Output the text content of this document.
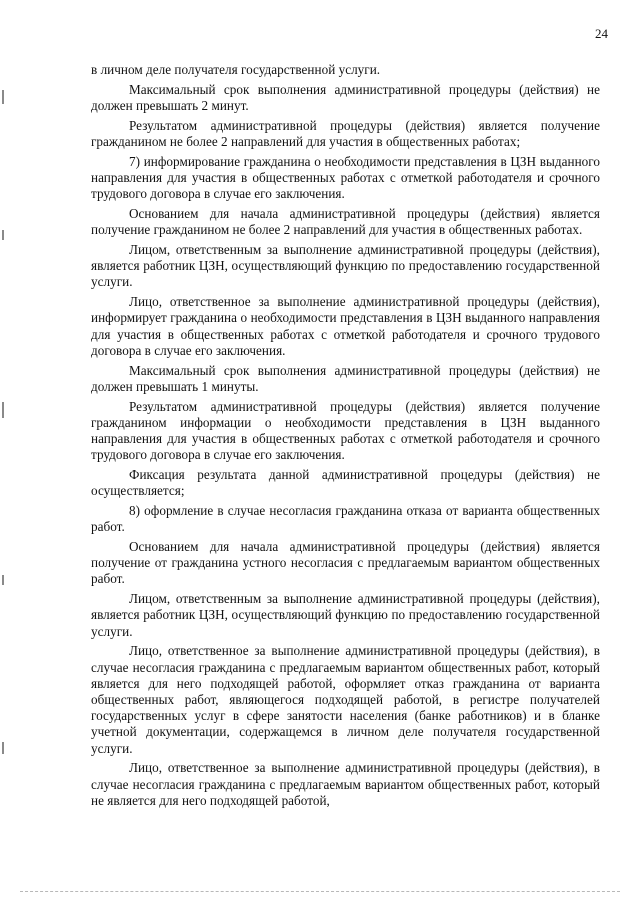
24

в личном деле получателя государственной услуги.

Максимальный срок выполнения административной процедуры (действия) не должен превышать 2 минут.

Результатом административной процедуры (действия) является получение гражданином не более 2 направлений для участия в общественных работах;

7) информирование гражданина о необходимости представления в ЦЗН выданного направления для участия в общественных работах с отметкой работодателя и срочного трудового договора в случае его заключения.

Основанием для начала административной процедуры (действия) является получение гражданином не более 2 направлений для участия в общественных работах.

Лицом, ответственным за выполнение административной процедуры (действия), является работник ЦЗН, осуществляющий функцию по предоставлению государственной услуги.

Лицо, ответственное за выполнение административной процедуры (действия), информирует гражданина о необходимости представления в ЦЗН выданного направления для участия в общественных работах с отметкой работодателя и срочного трудового договора в случае его заключения.

Максимальный срок выполнения административной процедуры (действия) не должен превышать 1 минуты.

Результатом административной процедуры (действия) является получение гражданином информации о необходимости представления в ЦЗН выданного направления для участия в общественных работах с отметкой работодателя и срочного трудового договора в случае его заключения.

Фиксация результата данной административной процедуры (действия) не осуществляется;

8) оформление в случае несогласия гражданина отказа от варианта общественных работ.

Основанием для начала административной процедуры (действия) является получение от гражданина устного несогласия с предлагаемым вариантом общественных работ.

Лицом, ответственным за выполнение административной процедуры (действия), является работник ЦЗН, осуществляющий функцию по предоставлению государственной услуги.

Лицо, ответственное за выполнение административной процедуры (действия), в случае несогласия гражданина с предлагаемым вариантом общественных работ, который является для него подходящей работой, оформляет отказ гражданина от варианта общественных работ, являющегося подходящей работой, в регистре получателей государственных услуг в сфере занятости населения (банке работников) и в бланке учетной документации, содержащемся в личном деле получателя государственной услуги.

Лицо, ответственное за выполнение административной процедуры (действия), в случае несогласия гражданина с предлагаемым вариантом общественных работ, который не является для него подходящей работой,
